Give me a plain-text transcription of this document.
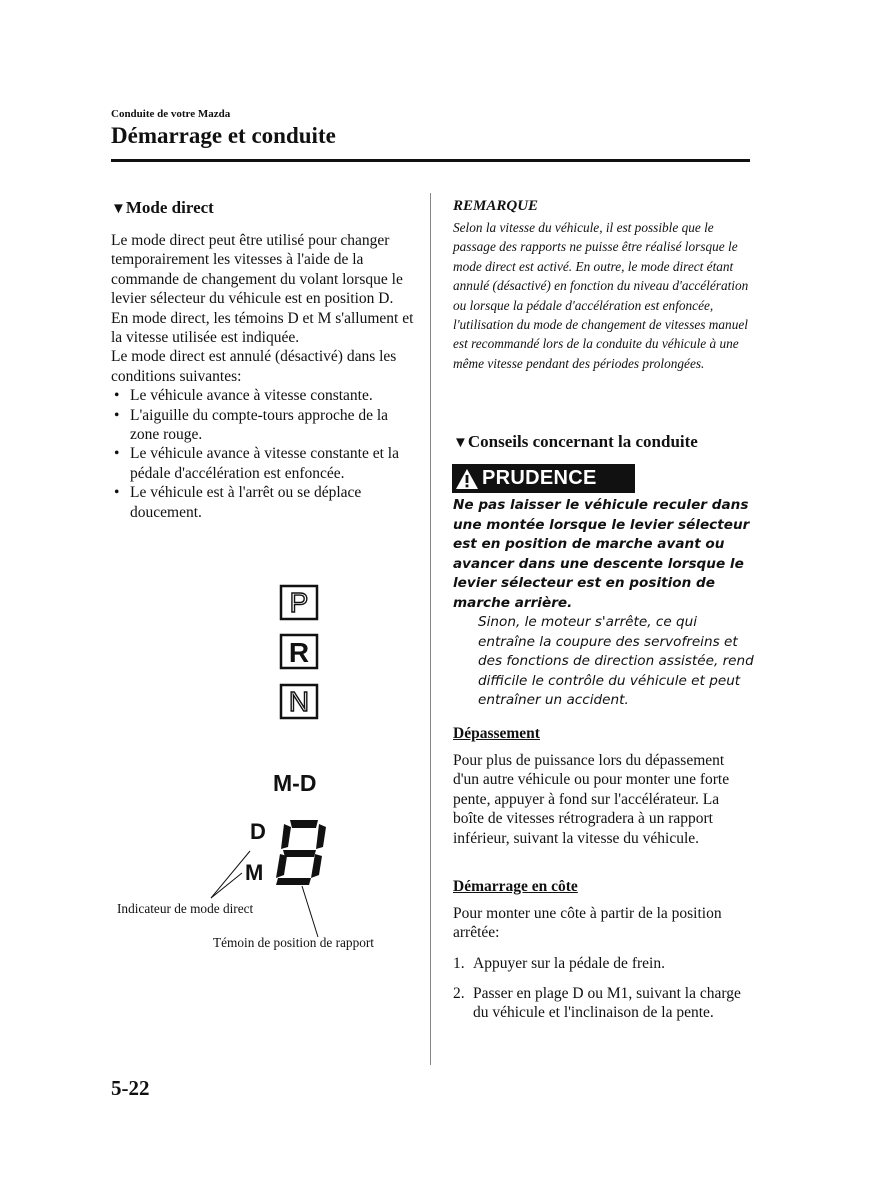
Conduite de votre Mazda
Démarrage et conduite
▼Mode direct
Le mode direct peut être utilisé pour changer temporairement les vitesses à l'aide de la commande de changement du volant lorsque le levier sélecteur du véhicule est en position D.
En mode direct, les témoins D et M s'allument et la vitesse utilisée est indiquée.
Le mode direct est annulé (désactivé) dans les conditions suivantes:
• Le véhicule avance à vitesse constante.
• L'aiguille du compte-tours approche de la zone rouge.
• Le véhicule avance à vitesse constante et la pédale d'accélération est enfoncée.
• Le véhicule est à l'arrêt ou se déplace doucement.
P
R
N
M-D
D
M
Indicateur de mode direct
Témoin de position de rapport
REMARQUE
Selon la vitesse du véhicule, il est possible que le passage des rapports ne puisse être réalisé lorsque le mode direct est activé. En outre, le mode direct étant annulé (désactivé) en fonction du niveau d'accélération ou lorsque la pédale d'accélération est enfoncée, l'utilisation du mode de changement de vitesses manuel est recommandé lors de la conduite du véhicule à une même vitesse pendant des périodes prolongées.
▼Conseils concernant la conduite
PRUDENCE
Ne pas laisser le véhicule reculer dans une montée lorsque le levier sélecteur est en position de marche avant ou avancer dans une descente lorsque le levier sélecteur est en position de marche arrière.
Sinon, le moteur s'arrête, ce qui entraîne la coupure des servofreins et des fonctions de direction assistée, rend difficile le contrôle du véhicule et peut entraîner un accident.
Dépassement
Pour plus de puissance lors du dépassement d'un autre véhicule ou pour monter une forte pente, appuyer à fond sur l'accélérateur. La boîte de vitesses rétrogradera à un rapport inférieur, suivant la vitesse du véhicule.
Démarrage en côte
Pour monter une côte à partir de la position arrêtée:
1. Appuyer sur la pédale de frein.
2. Passer en plage D ou M1, suivant la charge du véhicule et l'inclinaison de la pente.
5-22
